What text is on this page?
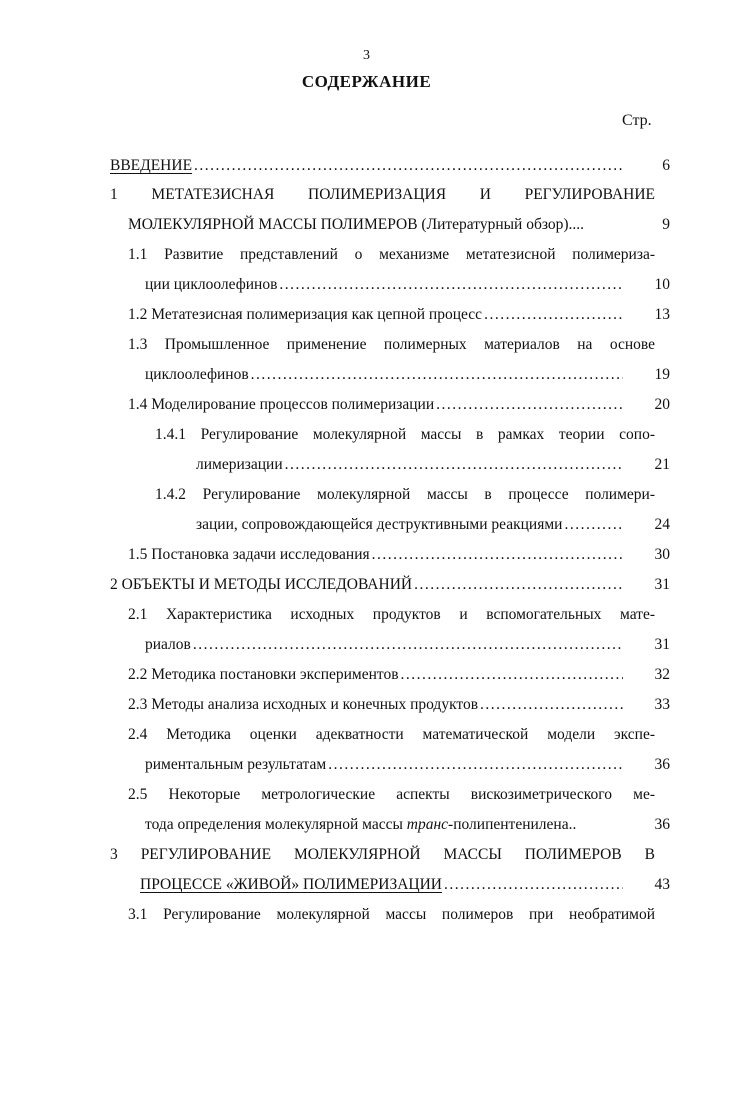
3
СОДЕРЖАНИЕ
Стр.
ВВЕДЕНИЕ .....	6
1 МЕТАТЕЗИСНАЯ ПОЛИМЕРИЗАЦИЯ И РЕГУЛИРОВАНИЕ
МОЛЕКУЛЯРНОЙ МАССЫ ПОЛИМЕРОВ (Литературный обзор)....	9
1.1 Развитие представлений о механизме метатезисной полимериза-
ции циклоолефинов .....	10
1.2 Метатезисная полимеризация как цепной процесс .....	13
1.3 Промышленное применение полимерных материалов на основе
циклоолефинов .....	19
1.4 Моделирование процессов полимеризации .....	20
1.4.1 Регулирование молекулярной массы в рамках теории сопо-
лимеризации .....	21
1.4.2 Регулирование молекулярной массы в процессе полимери-
зации, сопровождающейся деструктивными реакциями .....	24
1.5 Постановка задачи исследования .....	30
2 ОБЪЕКТЫ И МЕТОДЫ ИССЛЕДОВАНИЙ .....	31
2.1 Характеристика исходных продуктов и вспомогательных мате-
риалов .....	31
2.2 Методика постановки экспериментов .....	32
2.3 Методы анализа исходных и конечных продуктов .....	33
2.4 Методика оценки адекватности математической модели экспе-
риментальным результатам .....	36
2.5 Некоторые метрологические аспекты вискозиметрического ме-
тода определения молекулярной массы транс-полипентенилена..	36
3 РЕГУЛИРОВАНИЕ МОЛЕКУЛЯРНОЙ МАССЫ ПОЛИМЕРОВ В
ПРОЦЕССЕ «ЖИВОЙ» ПОЛИМЕРИЗАЦИИ .....	43
3.1 Регулирование молекулярной массы полимеров при необратимой
